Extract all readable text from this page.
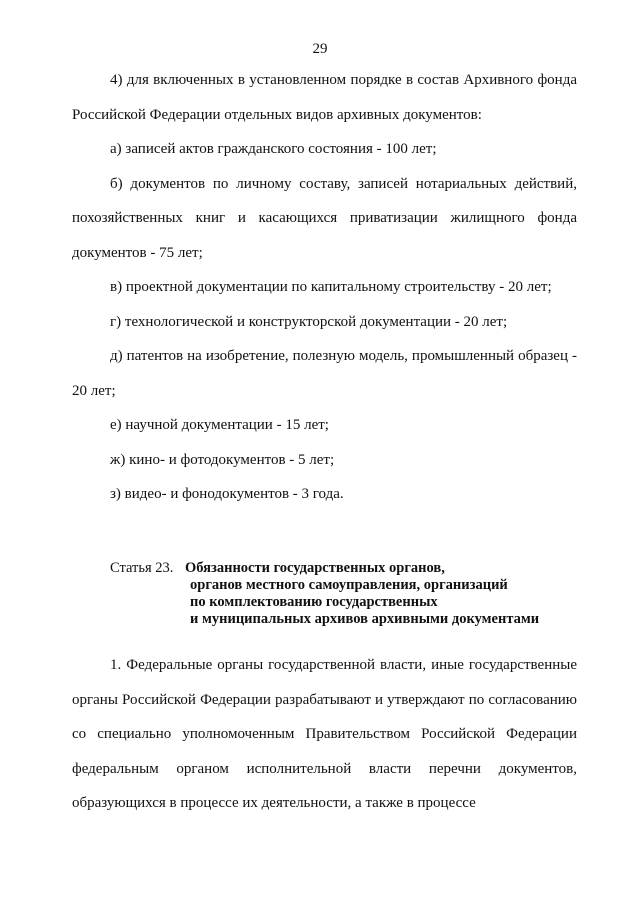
29

4) для включенных в установленном порядке в состав Архивного фонда Российской Федерации отдельных видов архивных документов:

а) записей актов гражданского состояния - 100 лет;

б) документов по личному составу, записей нотариальных действий, похозяйственных книг и касающихся приватизации жилищного фонда документов - 75 лет;

в) проектной документации по капитальному строительству - 20 лет;

г) технологической и конструкторской документации - 20 лет;

д) патентов на изобретение, полезную модель, промышленный образец - 20 лет;

е) научной документации - 15 лет;

ж) кино- и фотодокументов - 5 лет;

з) видео- и фонодокументов - 3 года.

Статья 23. Обязанности государственных органов,
органов местного самоуправления, организаций
по комплектованию государственных
и муниципальных архивов архивными документами

1. Федеральные органы государственной власти, иные государственные органы Российской Федерации разрабатывают и утверждают по согласованию со специально уполномоченным Правительством Российской Федерации федеральным органом исполнительной власти перечни документов, образующихся в процессе их деятельности, а также в процессе
